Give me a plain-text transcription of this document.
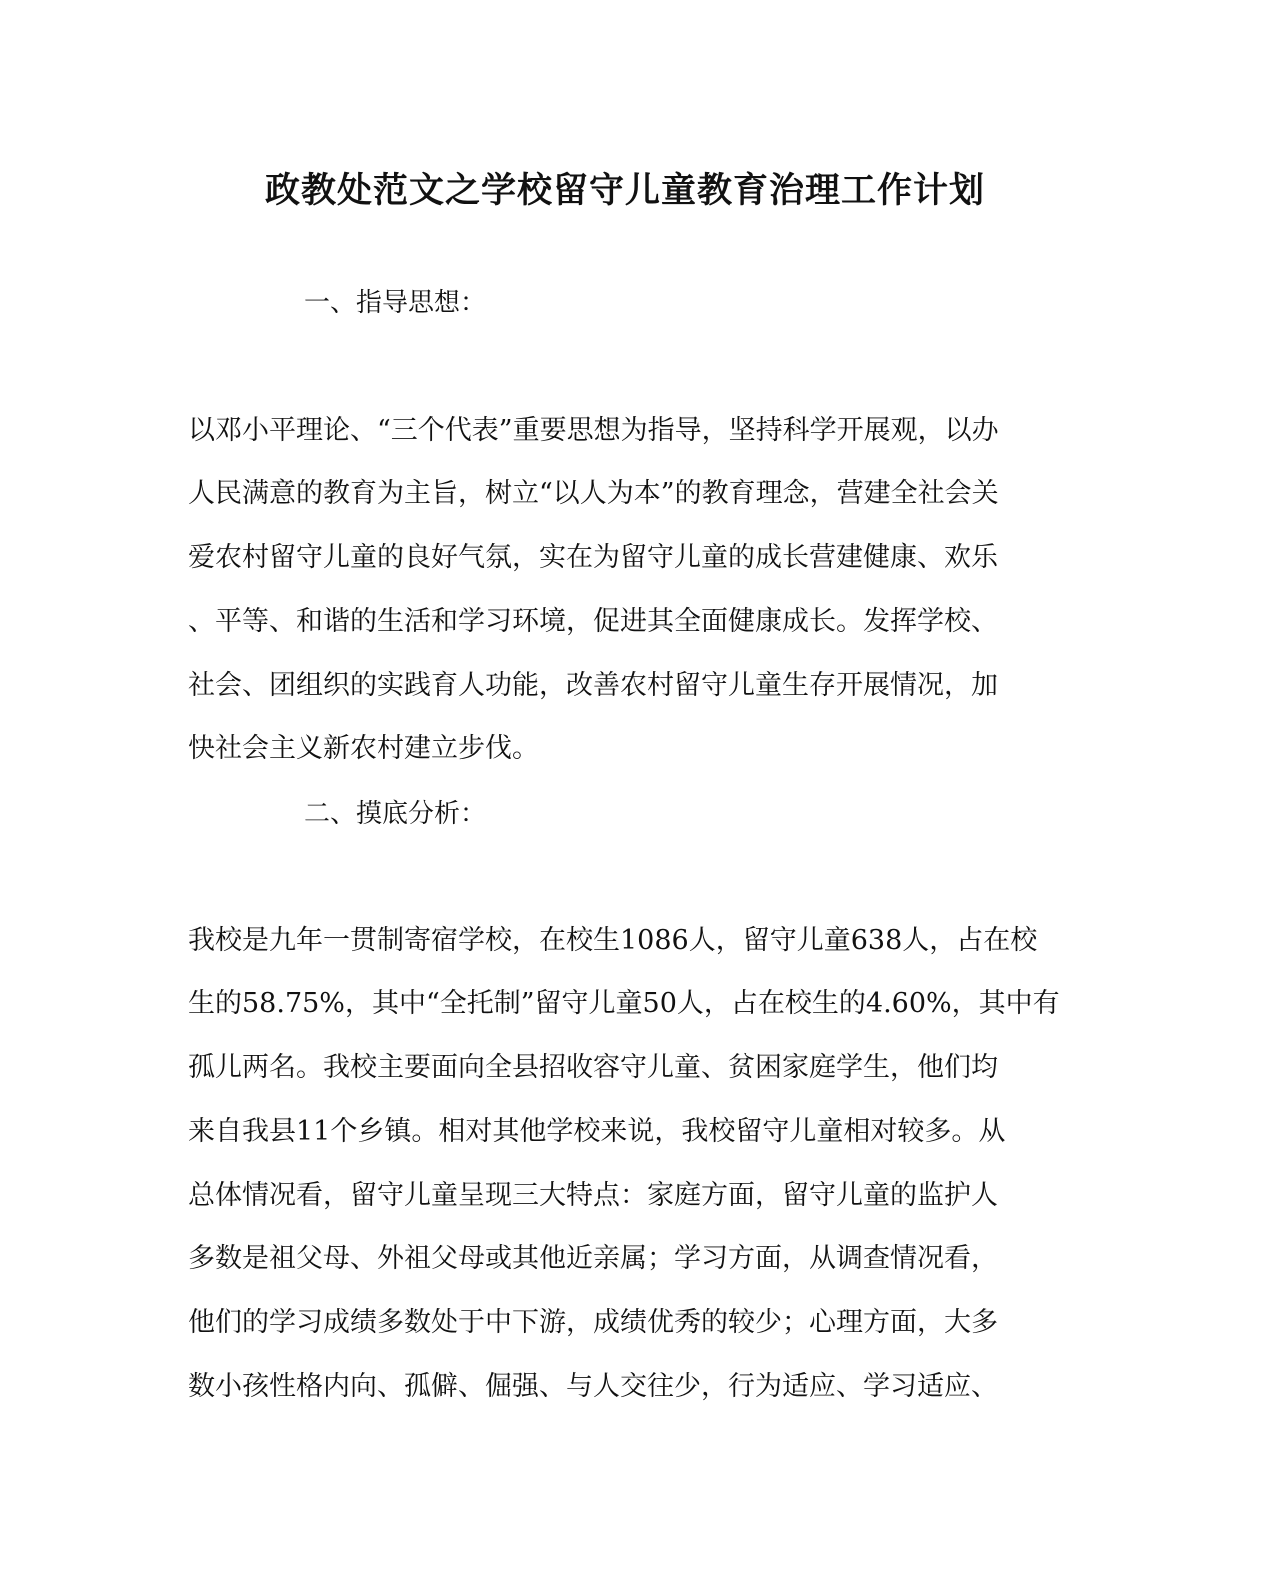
政教处范文之学校留守儿童教育治理工作计划
一、指导思想：
以邓小平理论、“三个代表”重要思想为指导，坚持科学开展观，以办
人民满意的教育为主旨，树立“以人为本”的教育理念，营建全社会关
爱农村留守儿童的良好气氛，实在为留守儿童的成长营建健康、欢乐
、平等、和谐的生活和学习环境，促进其全面健康成长。发挥学校、
社会、团组织的实践育人功能，改善农村留守儿童生存开展情况，加
快社会主义新农村建立步伐。
二、摸底分析：
我校是九年一贯制寄宿学校，在校生1086人，留守儿童638人，占在校
生的58.75%，其中“全托制”留守儿童50人，占在校生的4.60%，其中有
孤儿两名。我校主要面向全县招收容守儿童、贫困家庭学生，他们均
来自我县11个乡镇。相对其他学校来说，我校留守儿童相对较多。从
总体情况看，留守儿童呈现三大特点：家庭方面，留守儿童的监护人
多数是祖父母、外祖父母或其他近亲属；学习方面，从调查情况看，
他们的学习成绩多数处于中下游，成绩优秀的较少；心理方面，大多
数小孩性格内向、孤僻、倔强、与人交往少，行为适应、学习适应、
